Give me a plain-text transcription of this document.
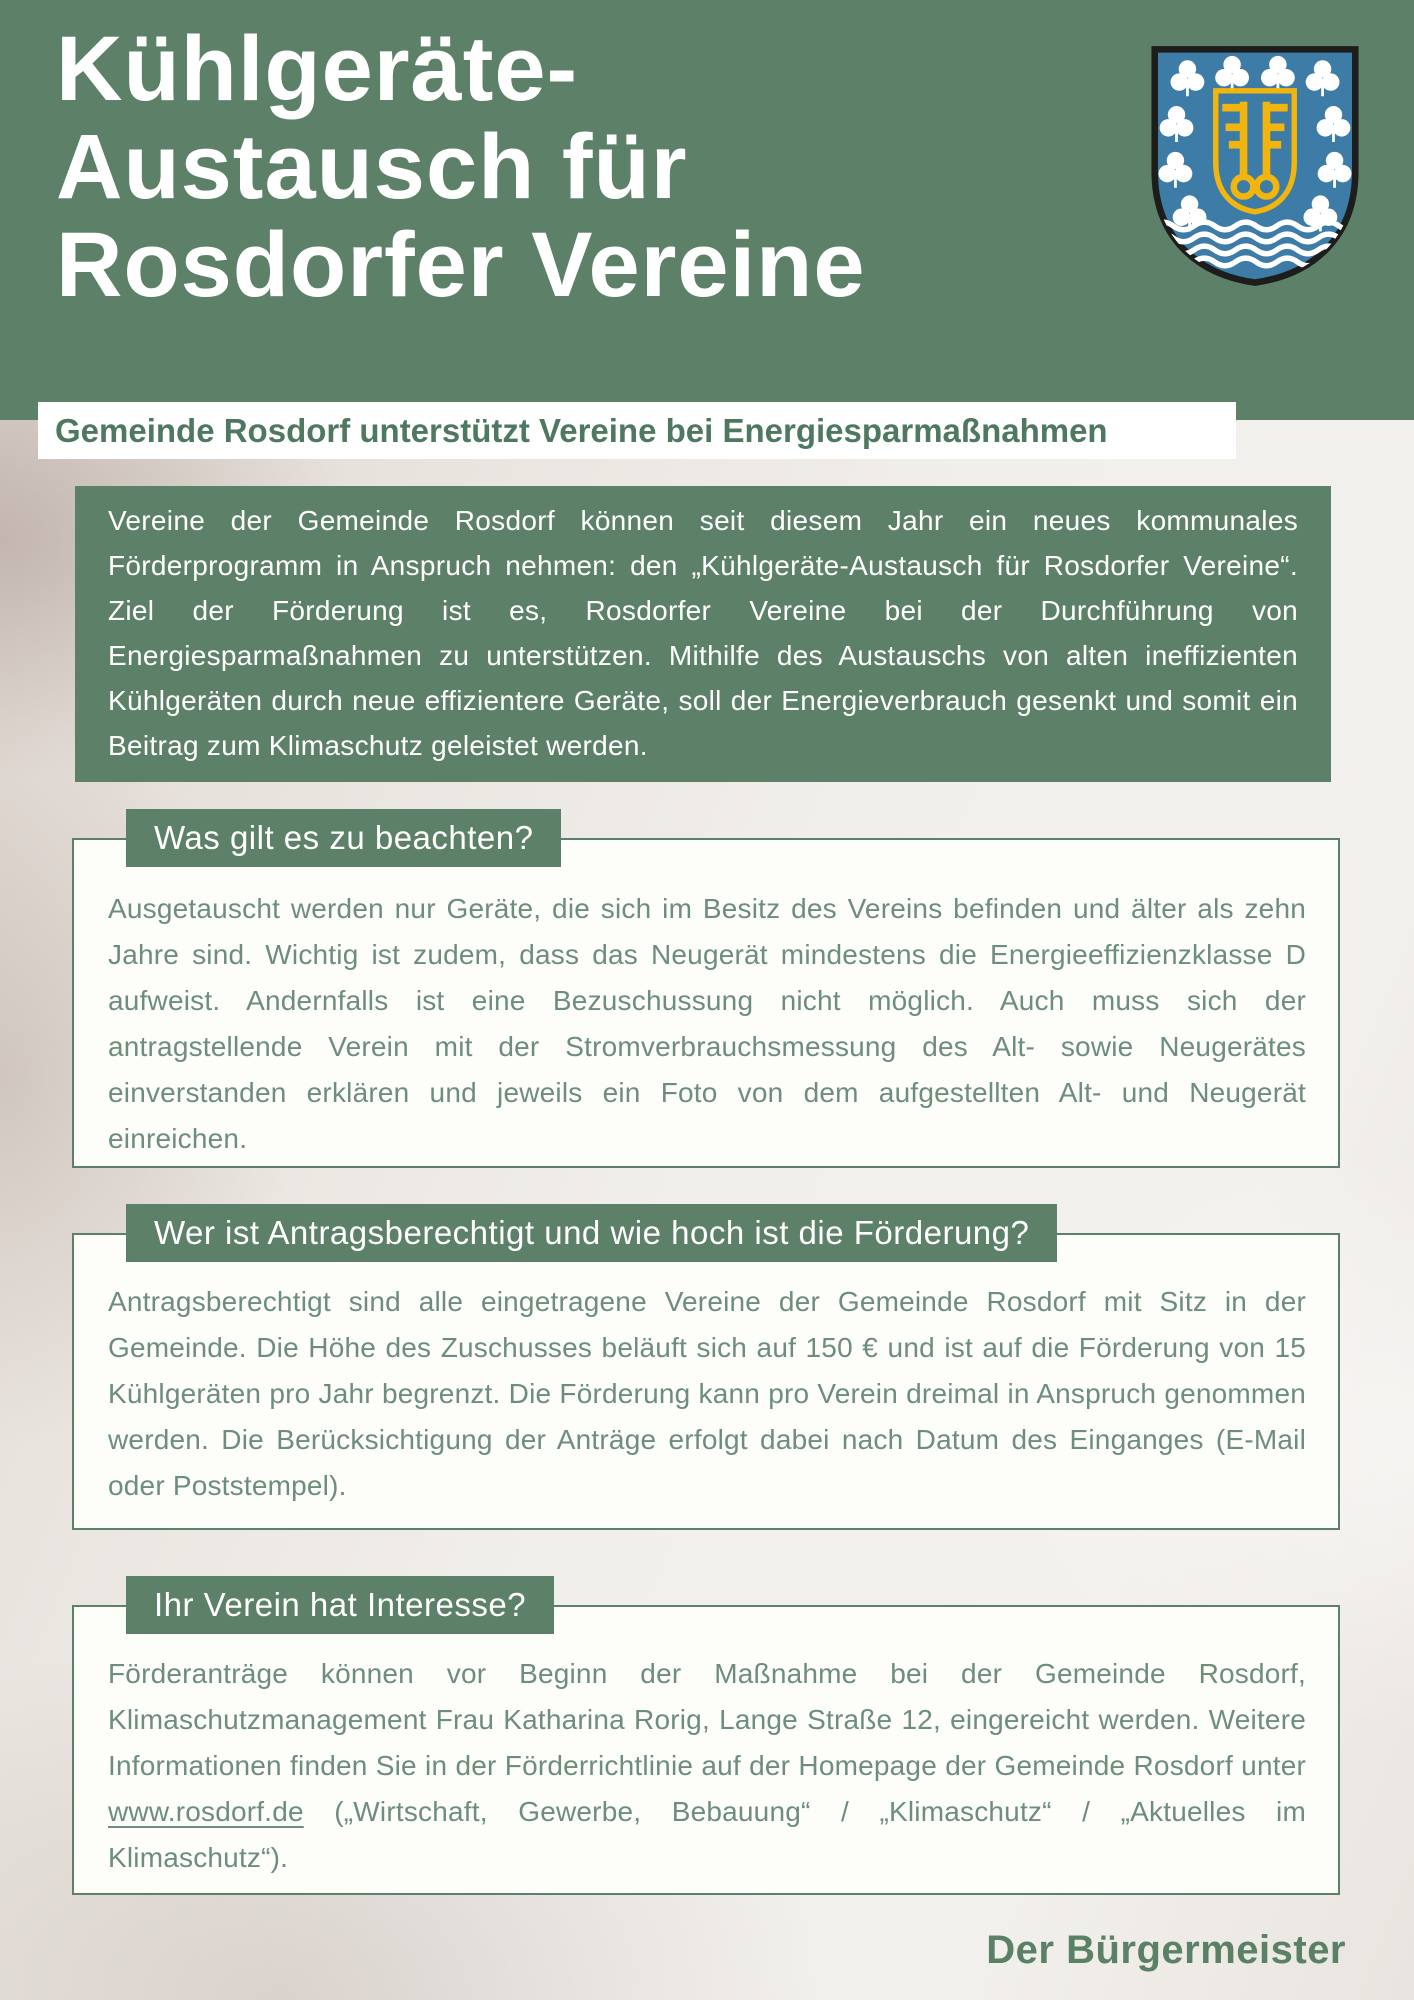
Kühlgeräte-
Austausch für
Rosdorfer Vereine
Gemeinde Rosdorf unterstützt Vereine bei Energiesparmaßnahmen
Vereine der Gemeinde Rosdorf können seit diesem Jahr ein neues kommunales Förderprogramm in Anspruch nehmen: den „Kühlgeräte-Austausch für Rosdorfer Vereine“. Ziel der Förderung ist es, Rosdorfer Vereine bei der Durchführung von Energiesparmaßnahmen zu unterstützen. Mithilfe des Austauschs von alten ineffizienten Kühlgeräten durch neue effizientere Geräte, soll der Energieverbrauch gesenkt und somit ein Beitrag zum Klimaschutz geleistet werden.
Was gilt es zu beachten?
Ausgetauscht werden nur Geräte, die sich im Besitz des Vereins befinden und älter als zehn Jahre sind. Wichtig ist zudem, dass das Neugerät mindestens die Energieeffizienzklasse D aufweist. Andernfalls ist eine Bezuschussung nicht möglich. Auch muss sich der antragstellende Verein mit der Stromverbrauchsmessung des Alt- sowie Neugerätes einverstanden erklären und jeweils ein Foto von dem aufgestellten Alt- und Neugerät einreichen.
Wer ist Antragsberechtigt und wie hoch ist die Förderung?
Antragsberechtigt sind alle eingetragene Vereine der Gemeinde Rosdorf mit Sitz in der Gemeinde. Die Höhe des Zuschusses beläuft sich auf 150 € und ist auf die Förderung von 15 Kühlgeräten pro Jahr begrenzt. Die Förderung kann pro Verein dreimal in Anspruch genommen werden. Die Berücksichtigung der Anträge erfolgt dabei nach Datum des Einganges (E-Mail oder Poststempel).
Ihr Verein hat Interesse?
Förderanträge können vor Beginn der Maßnahme bei der Gemeinde Rosdorf, Klimaschutzmanagement Frau Katharina Rorig, Lange Straße 12, eingereicht werden. Weitere Informationen finden Sie in der Förderrichtlinie auf der Homepage der Gemeinde Rosdorf unter www.rosdorf.de („Wirtschaft, Gewerbe, Bebauung“ / „Klimaschutz“ / „Aktuelles im Klimaschutz“).
Der Bürgermeister
